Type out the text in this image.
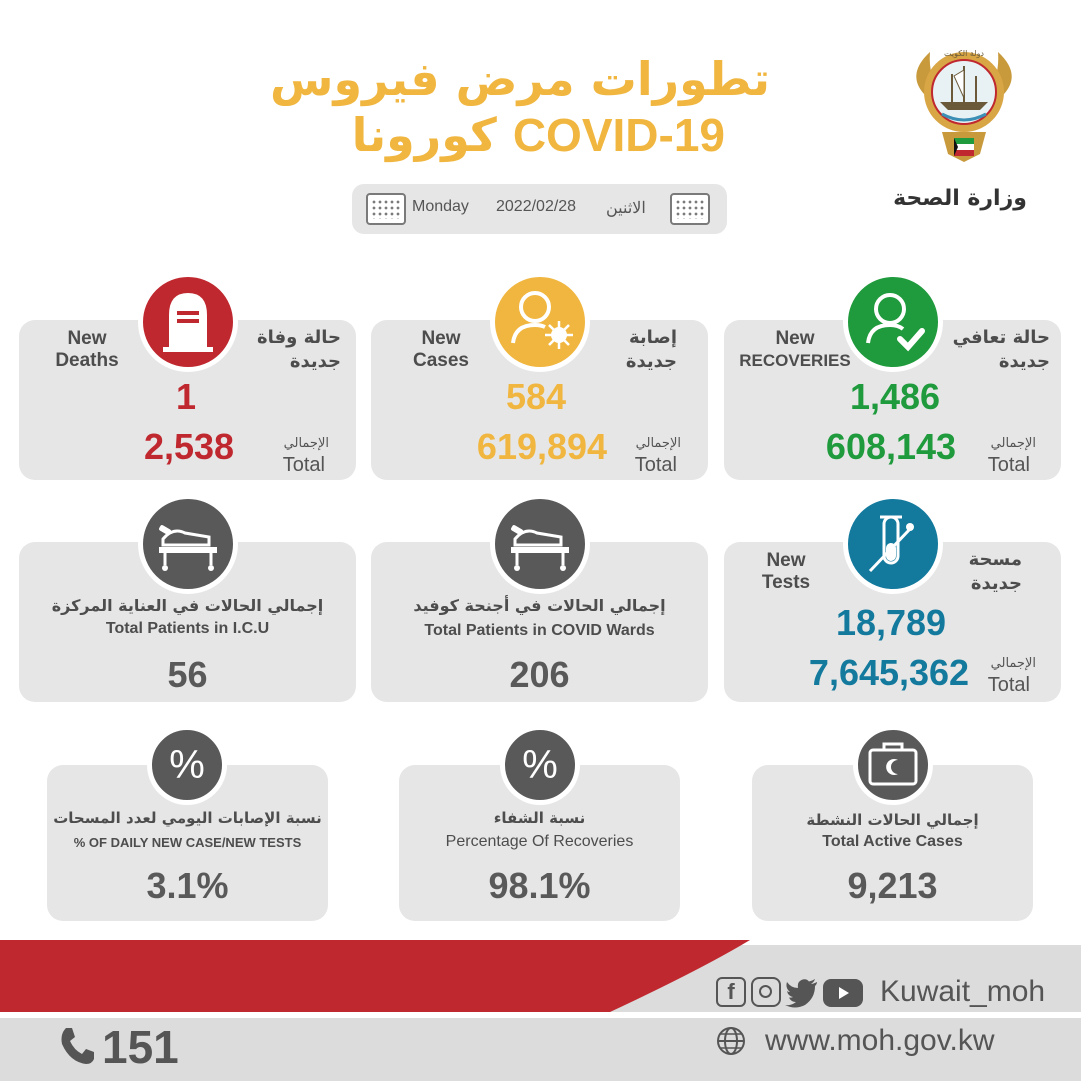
دولة الكويت
وزارة الصحة
تطورات مرض فيروس
كورونا COVID-19
Monday 2022/02/28 الاثنين
New
RECOVERIES
حالة تعافي جديدة
1,486
608,143	الإجمالي
Total
New
Cases
إصابة جديدة
584
619,894	الإجمالي
Total
New
Deaths
حالة وفاة جديدة
1
2,538	الإجمالي
Total
New
Tests
مسحة جديدة
18,789
7,645,362	الإجمالي
Total
إجمالي الحالات في أجنحة كوفيد
Total Patients in COVID Wards
206
إجمالي الحالات في العناية المركزة
Total Patients in I.C.U
56
إجمالي الحالات النشطة
Total Active Cases
9,213
نسبة الشفاء
Percentage Of Recoveries
98.1%
%
نسبة الإصابات اليومي لعدد المسحات
% OF DAILY NEW CASE/NEW TESTS
3.1%
%
f	Kuwait_moh
www.moh.gov.kw
151
